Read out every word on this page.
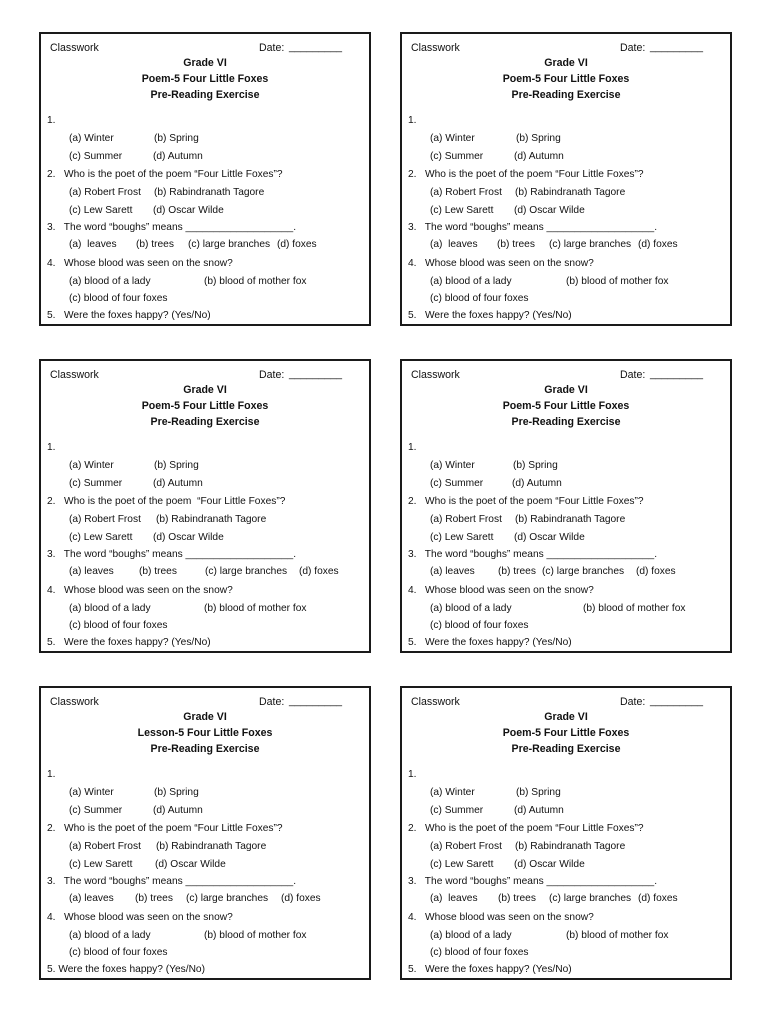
Classwork	Date: _________
Grade VI
Poem-5 Four Little Foxes
Pre-Reading Exercise
1.
(a) Winter	(b) Spring
(c) Summer	(d) Autumn
2.   Who is the poet of the poem “Four Little Foxes”?
(a) Robert Frost (b) Rabindranath Tagore
(c) Lew Sarett (d) Oscar Wilde
3.   The word “boughs” means ___________________.
(a)  leaves (b) trees (c) large branches (d) foxes
4.   Whose blood was seen on the snow?
(a) blood of a lady	(b) blood of mother fox
(c) blood of four foxes
5.   Were the foxes happy? (Yes/No)
Classwork	Date: _________
Grade VI
Poem-5 Four Little Foxes
Pre-Reading Exercise
1.
(a) Winter	(b) Spring
(c) Summer	(d) Autumn
2.   Who is the poet of the poem “Four Little Foxes”?
(a) Robert Frost (b) Rabindranath Tagore
(c) Lew Sarett (d) Oscar Wilde
3.   The word “boughs” means ___________________.
(a)  leaves (b) trees (c) large branches (d) foxes
4.   Whose blood was seen on the snow?
(a) blood of a lady	(b) blood of mother fox
(c) blood of four foxes
5.   Were the foxes happy? (Yes/No)
Classwork	Date: _________
Grade VI
Poem-5 Four Little Foxes
Pre-Reading Exercise
1.
(a) Winter	(b) Spring
(c) Summer	(d) Autumn
2.   Who is the poet of the poem  “Four Little Foxes”?
(a) Robert Frost (b) Rabindranath Tagore
(c) Lew Sarett (d) Oscar Wilde
3.   The word “boughs” means ___________________.
(a) leaves (b) trees	(c) large branches (d) foxes
4.   Whose blood was seen on the snow?
(a) blood of a lady	(b) blood of mother fox
(c) blood of four foxes
5.   Were the foxes happy? (Yes/No)
Classwork	Date: _________
Grade VI
Poem-5 Four Little Foxes
Pre-Reading Exercise
1.
(a) Winter	(b) Spring
(c) Summer	(d) Autumn
2.   Who is the poet of the poem “Four Little Foxes”?
(a) Robert Frost (b) Rabindranath Tagore
(c) Lew Sarett (d) Oscar Wilde
3.   The word “boughs” means ___________________.
(a) leaves (b) trees (c) large branches (d) foxes
4.   Whose blood was seen on the snow?
(a) blood of a lady	(b) blood of mother fox
(c) blood of four foxes
5.   Were the foxes happy? (Yes/No)
Classwork	Date: _________
Grade VI
Lesson-5 Four Little Foxes
Pre-Reading Exercise
1.
(a) Winter	(b) Spring
(c) Summer	(d) Autumn
2.   Who is the poet of the poem “Four Little Foxes”?
(a) Robert Frost (b) Rabindranath Tagore
(c) Lew Sarett (d) Oscar Wilde
3.   The word “boughs” means ___________________.
(a) leaves (b) trees (c) large branches (d) foxes
4.   Whose blood was seen on the snow?
(a) blood of a lady	(b) blood of mother fox
(c) blood of four foxes
5. Were the foxes happy? (Yes/No)
Classwork	Date: _________
Grade VI
Poem-5 Four Little Foxes
Pre-Reading Exercise
1.
(a) Winter	(b) Spring
(c) Summer	(d) Autumn
2.   Who is the poet of the poem “Four Little Foxes”?
(a) Robert Frost (b) Rabindranath Tagore
(c) Lew Sarett (d) Oscar Wilde
3.   The word “boughs” means ___________________.
(a)  leaves (b) trees (c) large branches (d) foxes
4.   Whose blood was seen on the snow?
(a) blood of a lady	(b) blood of mother fox
(c) blood of four foxes
5.   Were the foxes happy? (Yes/No)
